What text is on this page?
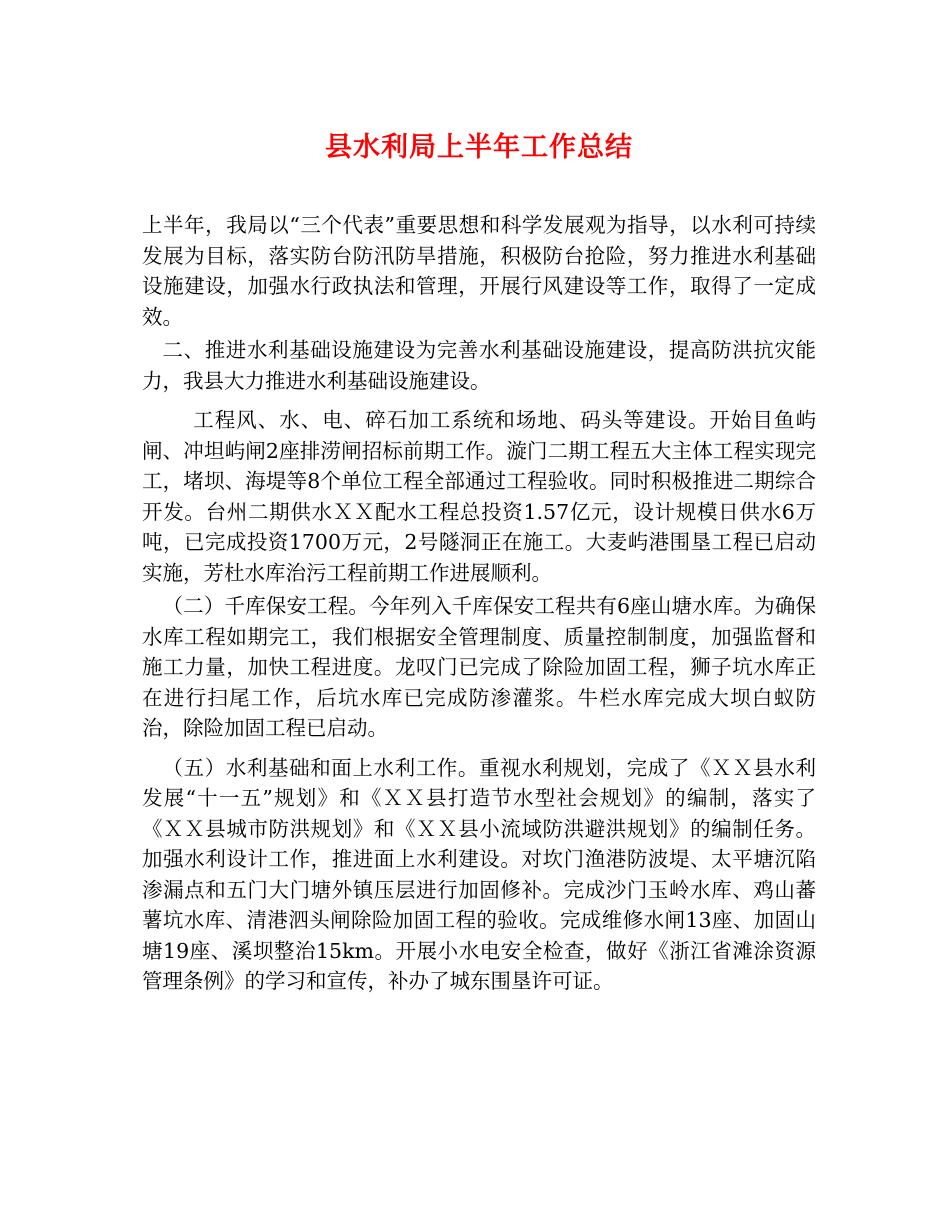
县水利局上半年工作总结

上半年，我局以“三个代表”重要思想和科学发展观为指导，以水利可持续发展为目标，落实防台防汛防旱措施，积极防台抢险，努力推进水利基础设施建设，加强水行政执法和管理，开展行风建设等工作，取得了一定成效。

二、推进水利基础设施建设为完善水利基础设施建设，提高防洪抗灾能力，我县大力推进水利基础设施建设。

工程风、水、电、碎石加工系统和场地、码头等建设。开始目鱼屿闸、冲坦屿闸2座排涝闸招标前期工作。漩门二期工程五大主体工程实现完工，堵坝、海堤等8个单位工程全部通过工程验收。同时积极推进二期综合开发。台州二期供水ＸＸ配水工程总投资1.57亿元，设计规模日供水6万吨，已完成投资1700万元，2号隧洞正在施工。大麦屿港围垦工程已启动实施，芳杜水库治污工程前期工作进展顺利。

（二）千库保安工程。今年列入千库保安工程共有6座山塘水库。为确保水库工程如期完工，我们根据安全管理制度、质量控制制度，加强监督和施工力量，加快工程进度。龙叹门已完成了除险加固工程，狮子坑水库正在进行扫尾工作，后坑水库已完成防渗灌浆。牛栏水库完成大坝白蚁防治，除险加固工程已启动。

（五）水利基础和面上水利工作。重视水利规划，完成了《ＸＸ县水利发展“十一五”规划》和《ＸＸ县打造节水型社会规划》的编制，落实了《ＸＸ县城市防洪规划》和《ＸＸ县小流域防洪避洪规划》的编制任务。加强水利设计工作，推进面上水利建设。对坎门渔港防波堤、太平塘沉陷渗漏点和五门大门塘外镇压层进行加固修补。完成沙门玉岭水库、鸡山蕃薯坑水库、清港泗头闸除险加固工程的验收。完成维修水闸13座、加固山塘19座、溪坝整治15km。开展小水电安全检查，做好《浙江省滩涂资源管理条例》的学习和宣传，补办了城东围垦许可证。
